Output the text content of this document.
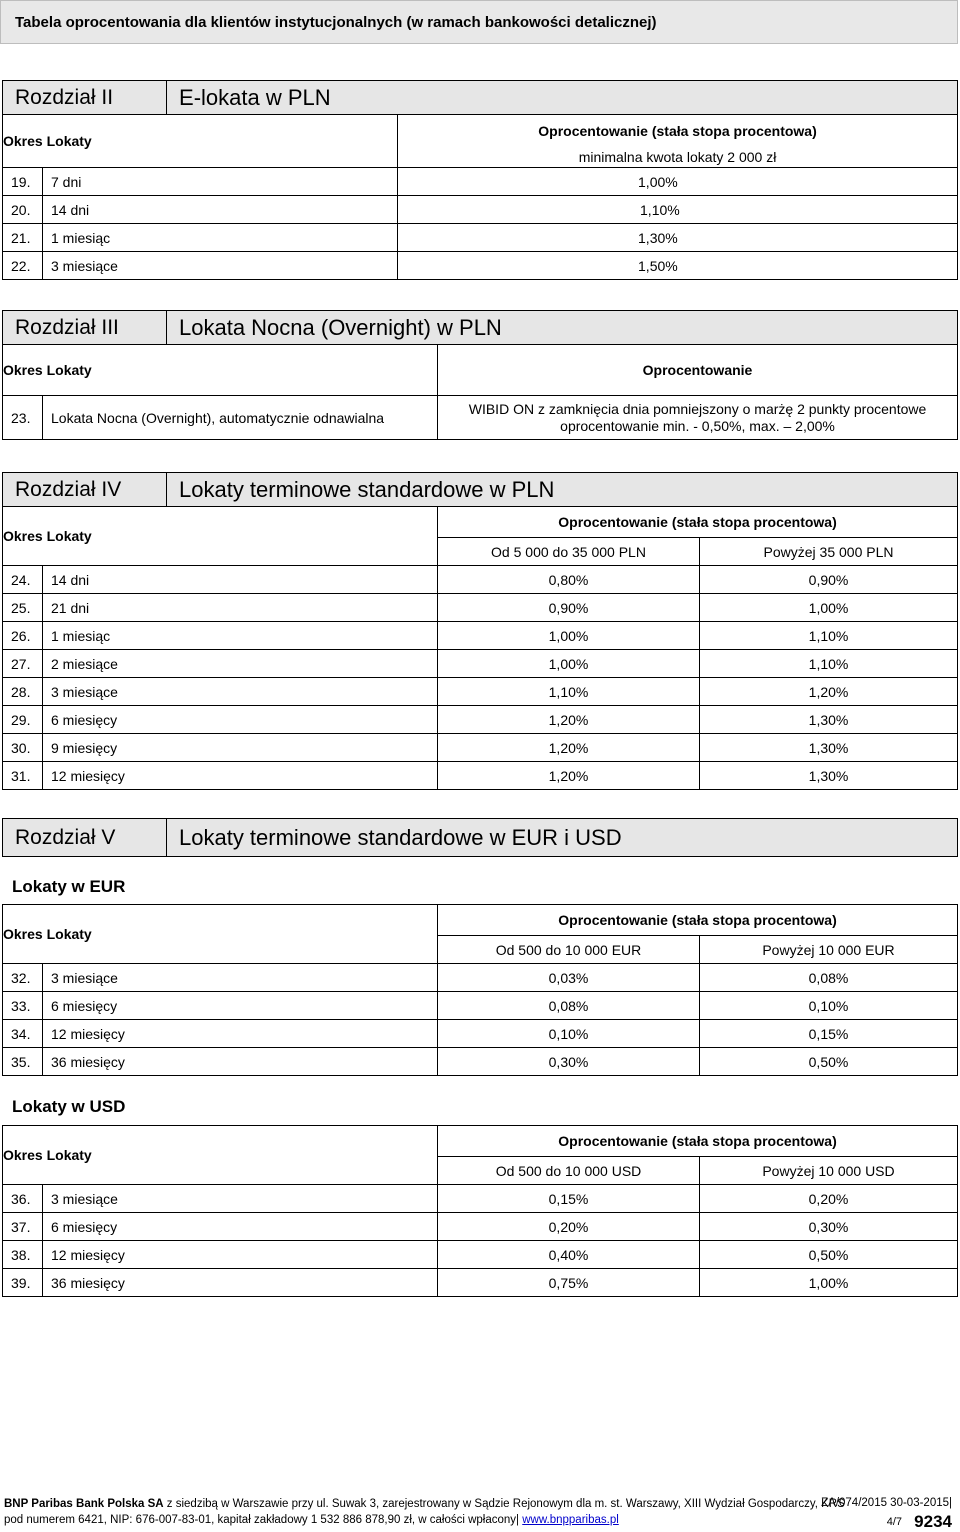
Tabela oprocentowania dla klientów instytucjonalnych (w ramach bankowości detalicznej)
Rozdział II		E-lokata w PLN	
Okres Lokaty			Oprocentowanie (stała stopa procentowa)
			minimalna kwota lokaty 2 000 zł
19.	7 dni		1,00%
20.	14 dni		1,10%
21.	1 miesiąc		1,30%
22.	3 miesiące		1,50%
Rozdział III		Lokata Nocna (Overnight) w PLN	
Okres Lokaty			Oprocentowanie
23.	Lokata Nocna (Overnight), automatycznie odnawialna		WIBID ON z zamknięcia dnia pomniejszony o marżę 2 punkty procentowe
oprocentowanie min. - 0,50%, max. – 2,00%
Rozdział IV		Lokaty terminowe standardowe w PLN		
Okres Lokaty			Oprocentowanie (stała stopa procentowa)	
			Od 5 000 do 35 000 PLN	Powyżej 35 000 PLN
24.	14 dni		0,80%	0,90%
25.	21 dni		0,90%	1,00%
26.	1 miesiąc		1,00%	1,10%
27.	2 miesiące		1,00%	1,10%
28.	3 miesiące		1,10%	1,20%
29.	6 miesięcy		1,20%	1,30%
30.	9 miesięcy		1,20%	1,30%
31.	12 miesięcy		1,20%	1,30%
Rozdział V	Lokaty terminowe standardowe w EUR i USD
Lokaty w EUR
Okres Lokaty		Oprocentowanie (stała stopa procentowa)	
		Od 500 do 10 000 EUR	Powyżej 10 000 EUR
32.	3 miesiące	0,03%	0,08%
33.	6 miesięcy	0,08%	0,10%
34.	12 miesięcy	0,10%	0,15%
35.	36 miesięcy	0,30%	0,50%
Lokaty w USD
Okres Lokaty		Oprocentowanie (stała stopa procentowa)	
		Od 500 do 10 000 USD	Powyżej 10 000 USD
36.	3 miesiące	0,15%	0,20%
37.	6 miesięcy	0,20%	0,30%
38.	12 miesięcy	0,40%	0,50%
39.	36 miesięcy	0,75%	1,00%
BNP Paribas Bank Polska SA z siedzibą w Warszawie przy ul. Suwak 3, zarejestrowany w Sądzie Rejonowym dla m. st. Warszawy, XIII Wydział Gospodarczy, KRS
pod numerem 6421, NIP: 676-007-83-01, kapitał zakładowy 1 532 886 878,90 zł, w całości wpłacony| www.bnpparibas.pl
ZA/074/2015 30-03-2015|
4/7 9234
